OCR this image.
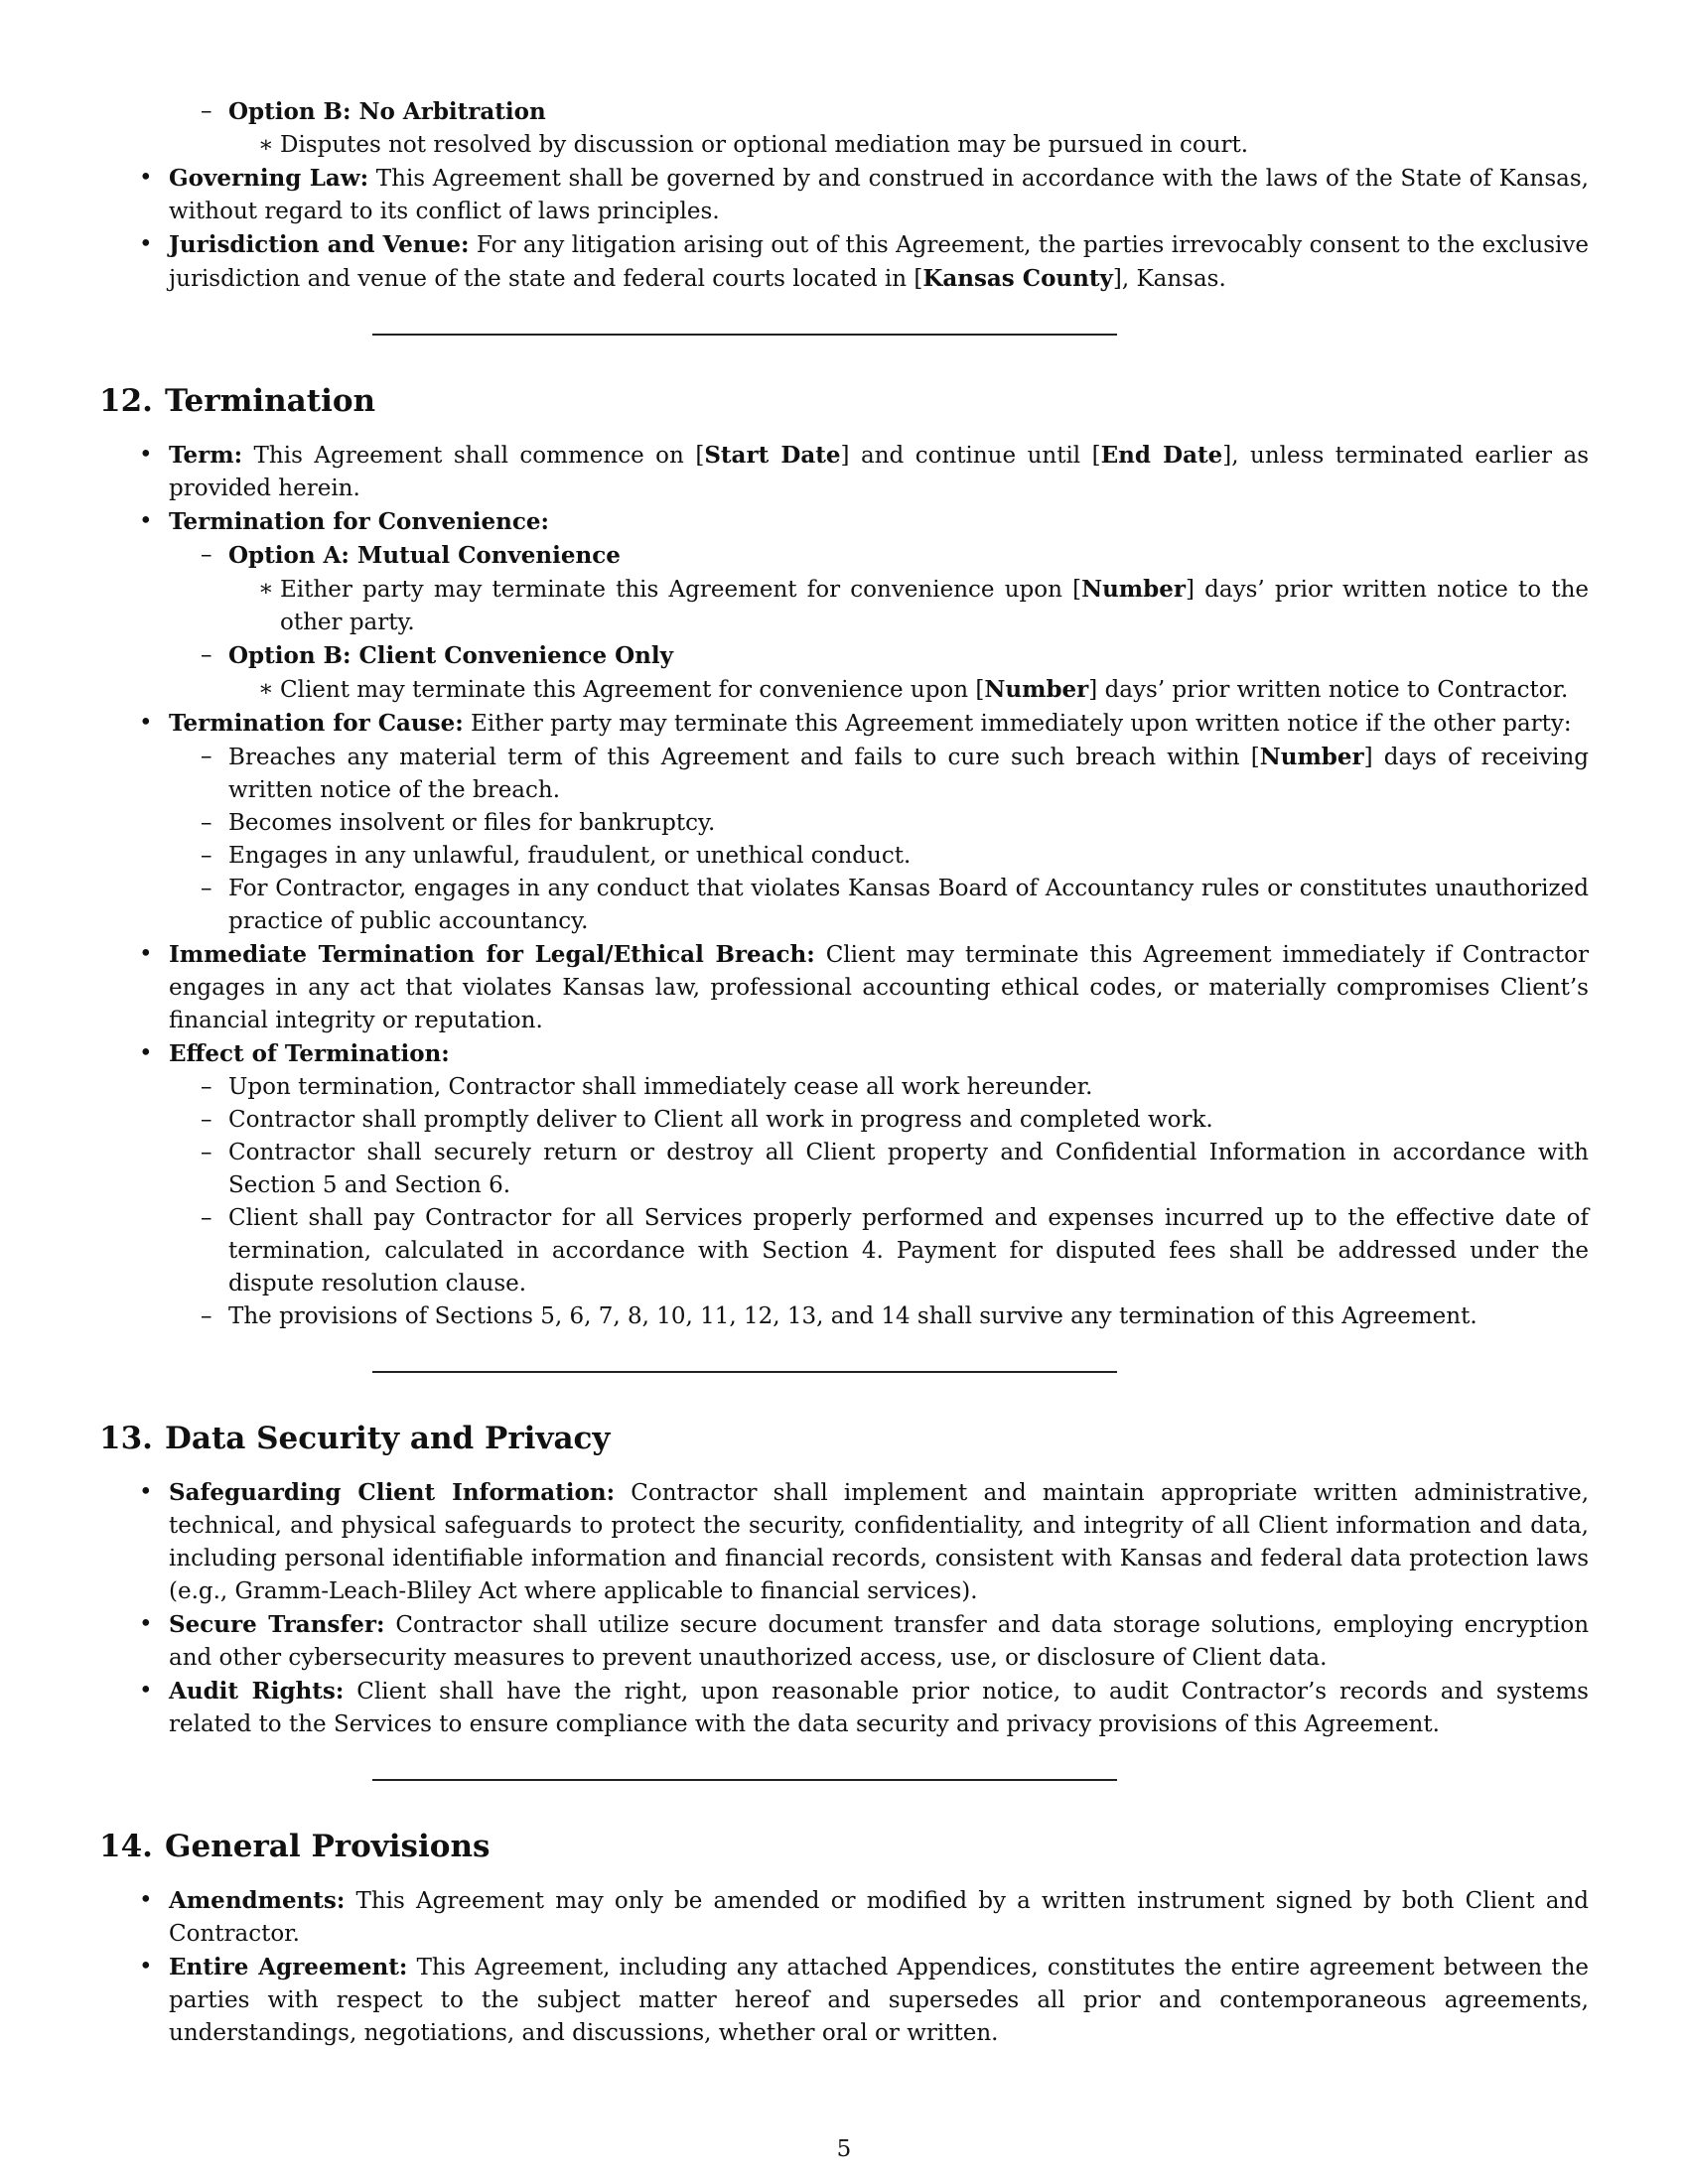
– Option B: No Arbitration
∗ Disputes not resolved by discussion or optional mediation may be pursued in court.
• Governing Law: This Agreement shall be governed by and construed in accordance with the laws of the State of Kansas, without regard to its conflict of laws principles.
• Jurisdiction and Venue: For any litigation arising out of this Agreement, the parties irrevocably consent to the exclusive jurisdiction and venue of the state and federal courts located in [Kansas County], Kansas.
12. Termination
• Term: This Agreement shall commence on [Start Date] and continue until [End Date], unless terminated earlier as provided herein.
• Termination for Convenience:
– Option A: Mutual Convenience
∗ Either party may terminate this Agreement for convenience upon [Number] days’ prior written notice to the other party.
– Option B: Client Convenience Only
∗ Client may terminate this Agreement for convenience upon [Number] days’ prior written notice to Contractor.
• Termination for Cause: Either party may terminate this Agreement immediately upon written notice if the other party:
– Breaches any material term of this Agreement and fails to cure such breach within [Number] days of receiving written notice of the breach.
– Becomes insolvent or files for bankruptcy.
– Engages in any unlawful, fraudulent, or unethical conduct.
– For Contractor, engages in any conduct that violates Kansas Board of Accountancy rules or constitutes unauthorized practice of public accountancy.
• Immediate Termination for Legal/Ethical Breach: Client may terminate this Agreement immediately if Contractor engages in any act that violates Kansas law, professional accounting ethical codes, or materially compromises Client’s financial integrity or reputation.
• Effect of Termination:
– Upon termination, Contractor shall immediately cease all work hereunder.
– Contractor shall promptly deliver to Client all work in progress and completed work.
– Contractor shall securely return or destroy all Client property and Confidential Information in accordance with Section 5 and Section 6.
– Client shall pay Contractor for all Services properly performed and expenses incurred up to the effective date of termination, calculated in accordance with Section 4. Payment for disputed fees shall be addressed under the dispute resolution clause.
– The provisions of Sections 5, 6, 7, 8, 10, 11, 12, 13, and 14 shall survive any termination of this Agreement.
13. Data Security and Privacy
• Safeguarding Client Information: Contractor shall implement and maintain appropriate written administrative, technical, and physical safeguards to protect the security, confidentiality, and integrity of all Client information and data, including personal identifiable information and financial records, consistent with Kansas and federal data protection laws (e.g., Gramm-Leach-Bliley Act where applicable to financial services).
• Secure Transfer: Contractor shall utilize secure document transfer and data storage solutions, employing encryption and other cybersecurity measures to prevent unauthorized access, use, or disclosure of Client data.
• Audit Rights: Client shall have the right, upon reasonable prior notice, to audit Contractor’s records and systems related to the Services to ensure compliance with the data security and privacy provisions of this Agreement.
14. General Provisions
• Amendments: This Agreement may only be amended or modified by a written instrument signed by both Client and Contractor.
• Entire Agreement: This Agreement, including any attached Appendices, constitutes the entire agreement between the parties with respect to the subject matter hereof and supersedes all prior and contemporaneous agreements, understandings, negotiations, and discussions, whether oral or written.
5
